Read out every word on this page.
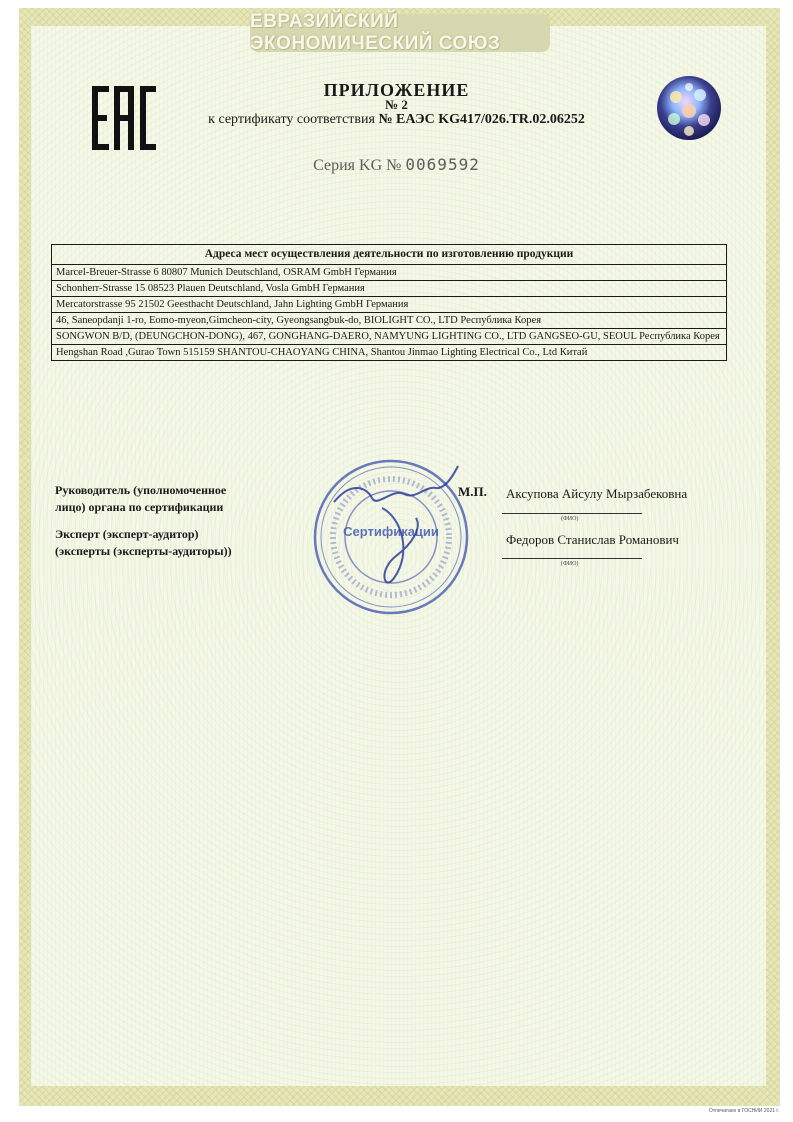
ЕВРАЗИЙСКИЙ ЭКОНОМИЧЕСКИЙ СОЮЗ
ПРИЛОЖЕНИЕ
№ 2
к сертификату соответствия № ЕАЭС KG417/026.TR.02.06252
Серия KG № 0069592
Адреса мест осуществления деятельности по изготовлению продукции
Marcel-Breuer-Strasse 6 80807 Munich Deutschland, OSRAM GmbH Германия
Schonherr-Strasse 15 08523 Plauen Deutschland, Vosla GmbH Германия
Mercatorstrasse 95 21502 Geesthacht Deutschland, Jahn Lighting GmbH Германия
46, Saneopdanji 1-ro, Eomo-myeon,Gimcheon-city, Gyeongsangbuk-do, BIOLIGHT CO., LTD Республика Корея
SONGWON B/D, (DEUNGCHON-DONG), 467, GONGHANG-DAERO, NAMYUNG LIGHTING CO., LTD GANGSEO-GU, SEOUL Республика Корея
Hengshan Road ,Gurao Town 515159 SHANTOU-CHAOYANG CHINA, Shantou Jinmao Lighting Electrical Co., Ltd Китай
Руководитель (уполномоченное
лицо) органа по сертификации
Эксперт (эксперт-аудитор)
(эксперты (эксперты-аудиторы))
Сертификации
М.П. Аксупова Айсулу Мырзабековна
(ФИО)
Федоров Станислав Романович
(ФИО)
Отпечатано в ГОСНИИ 2021 г.
